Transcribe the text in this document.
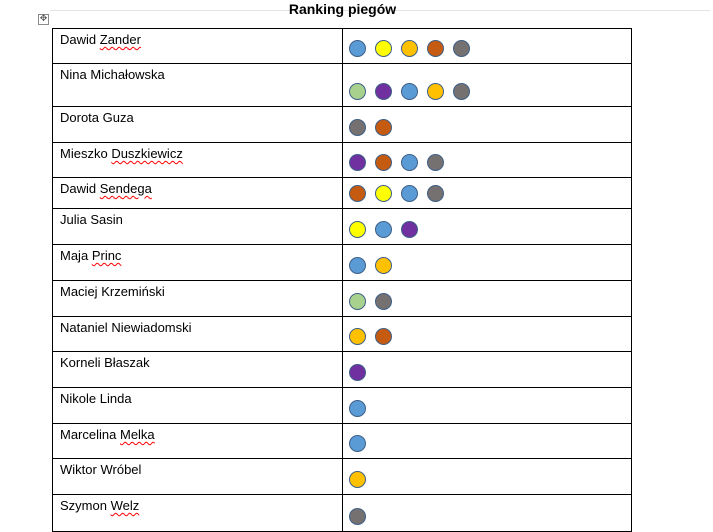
✥
Ranking piegów
Dawid Zander	

Nina Michałowska	

Dorota Guza	

Mieszko Duszkiewicz	

Dawid Sendega	

Julia Sasin	

Maja Princ	

Maciej Krzemiński	

Nataniel Niewiadomski	

Korneli Błaszak	

Nikole Linda	

Marcelina Melka	

Wiktor Wróbel	

Szymon Welz	
